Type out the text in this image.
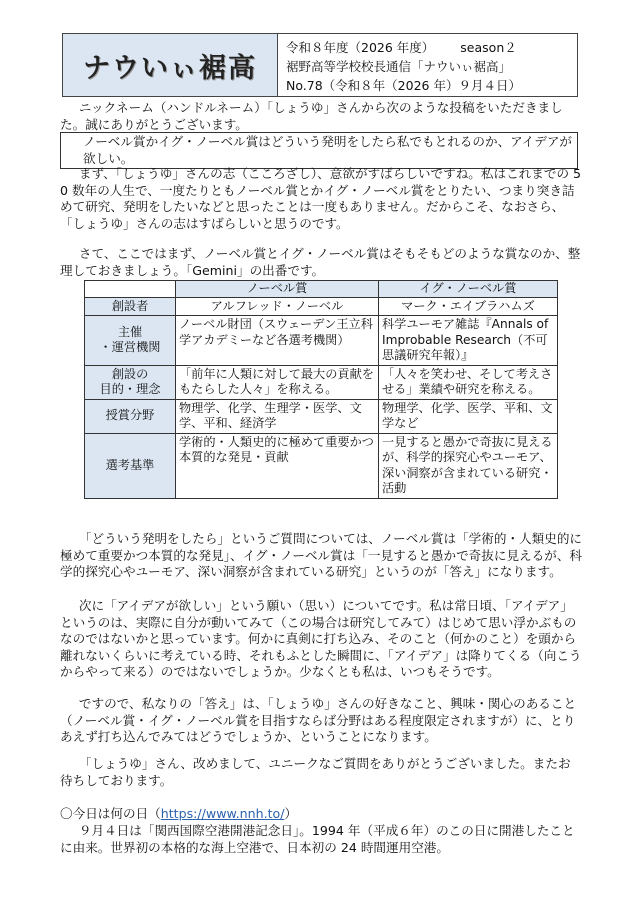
ナウいぃ裾高
令和８年度（2026 年度） season２
裾野高等学校校長通信「ナウいぃ裾高」
No.78（令和８年（2026 年）９月４日）
ニックネーム（ハンドルネーム）「しょうゆ」さんから次のような投稿をいただきました。誠にありがとうございます。
ノーベル賞かイグ・ノーベル賞はどういう発明をしたら私でもとれるのか、アイデアが欲しい。
まず、「しょうゆ」さんの志（こころざし）、意欲がすばらしいですね。私はこれまでの 50 数年の人生で、一度たりともノーベル賞とかイグ・ノーベル賞をとりたい、つまり突き詰めて研究、発明をしたいなどと思ったことは一度もありません。だからこそ、なおさら、「しょうゆ」さんの志はすばらしいと思うのです。
さて、ここではまず、ノーベル賞とイグ・ノーベル賞はそもそもどのような賞なのか、整理しておきましょう。「Gemini」の出番です。
	ノーベル賞	イグ・ノーベル賞
創設者	アルフレッド・ノーベル	マーク・エイブラハムズ
主催
・運営機関	ノーベル財団（スウェーデン王立科学アカデミーなど各選考機関）	科学ユーモア雑誌『Annals of Improbable Research（不可思議研究年報）』
創設の
目的・理念	「前年に人類に対して最大の貢献をもたらした人々」を称える。	「人々を笑わせ、そして考えさせる」業績や研究を称える。
授賞分野	物理学、化学、生理学・医学、文学、平和、経済学	物理学、化学、医学、平和、文学など
選考基準	学術的・人類史的に極めて重要かつ本質的な発見・貢献	一見すると愚かで奇抜に見えるが、科学的探究心やユーモア、深い洞察が含まれている研究・活動
「どういう発明をしたら」というご質問については、ノーベル賞は「学術的・人類史的に極めて重要かつ本質的な発見」、イグ・ノーベル賞は「一見すると愚かで奇抜に見えるが、科学的探究心やユーモア、深い洞察が含まれている研究」というのが「答え」になります。
次に「アイデアが欲しい」という願い（思い）についてです。私は常日頃、「アイデア」というのは、実際に自分が動いてみて（この場合は研究してみて）はじめて思い浮かぶものなのではないかと思っています。何かに真剣に打ち込み、そのこと（何かのこと）を頭から離れないくらいに考えている時、それもふとした瞬間に、「アイデア」は降りてくる（向こうからやって来る）のではないでしょうか。少なくとも私は、いつもそうです。
ですので、私なりの「答え」は、「しょうゆ」さんの好きなこと、興味・関心のあること（ノーベル賞・イグ・ノーベル賞を目指すならば分野はある程度限定されますが）に、とりあえず打ち込んでみてはどうでしょうか、ということになります。
「しょうゆ」さん、改めまして、ユニークなご質問をありがとうございました。またお待ちしております。
〇今日は何の日（https://www.nnh.to/）
９月４日は「関西国際空港開港記念日」。1994 年（平成６年）のこの日に開港したことに由来。世界初の本格的な海上空港で、日本初の 24 時間運用空港。
